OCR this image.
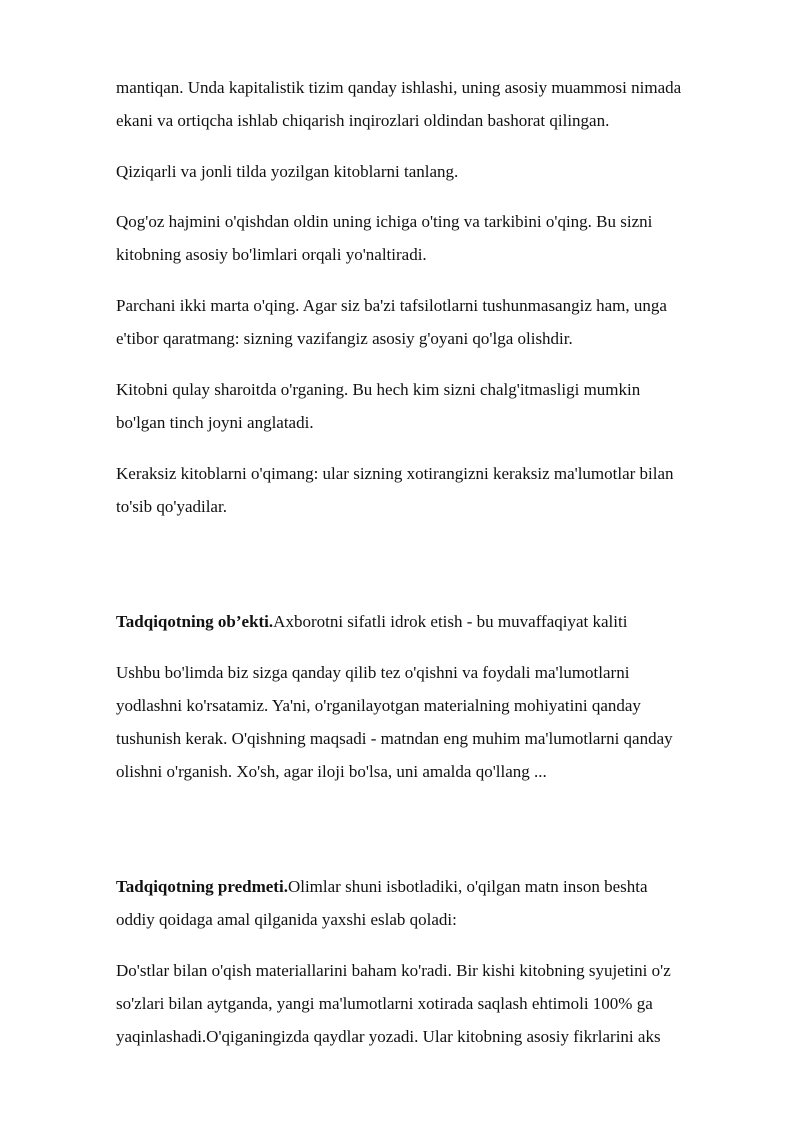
mantiqan. Unda kapitalistik tizim qanday ishlashi, uning asosiy muammosi nimada
ekani va ortiqcha ishlab chiqarish inqirozlari oldindan bashorat qilingan.

Qiziqarli va jonli tilda yozilgan kitoblarni tanlang.

Qog'oz hajmini o'qishdan oldin uning ichiga o'ting va tarkibini o'qing. Bu sizni
kitobning asosiy bo'limlari orqali yo'naltiradi.

Parchani ikki marta o'qing. Agar siz ba'zi tafsilotlarni tushunmasangiz ham, unga
e'tibor qaratmang: sizning vazifangiz asosiy g'oyani qo'lga olishdir.

Kitobni qulay sharoitda o'rganing. Bu hech kim sizni chalg'itmasligi mumkin
bo'lgan tinch joyni anglatadi.

Keraksiz kitoblarni o'qimang: ular sizning xotirangizni keraksiz ma'lumotlar bilan
to'sib qo'yadilar.

Tadqiqotning ob’ekti.Axborotni sifatli idrok etish - bu muvaffaqiyat kaliti

Ushbu bo'limda biz sizga qanday qilib tez o'qishni va foydali ma'lumotlarni
yodlashni ko'rsatamiz. Ya'ni, o'rganilayotgan materialning mohiyatini qanday
tushunish kerak. O'qishning maqsadi - matndan eng muhim ma'lumotlarni qanday
olishni o'rganish. Xo'sh, agar iloji bo'lsa, uni amalda qo'llang ...

Tadqiqotning predmeti.Olimlar shuni isbotladiki, o'qilgan matn inson beshta
oddiy qoidaga amal qilganida yaxshi eslab qoladi:

Do'stlar bilan o'qish materiallarini baham ko'radi. Bir kishi kitobning syujetini o'z
so'zlari bilan aytganda, yangi ma'lumotlarni xotirada saqlash ehtimoli 100% ga
yaqinlashadi.O'qiganingizda qaydlar yozadi. Ular kitobning asosiy fikrlarini aks
